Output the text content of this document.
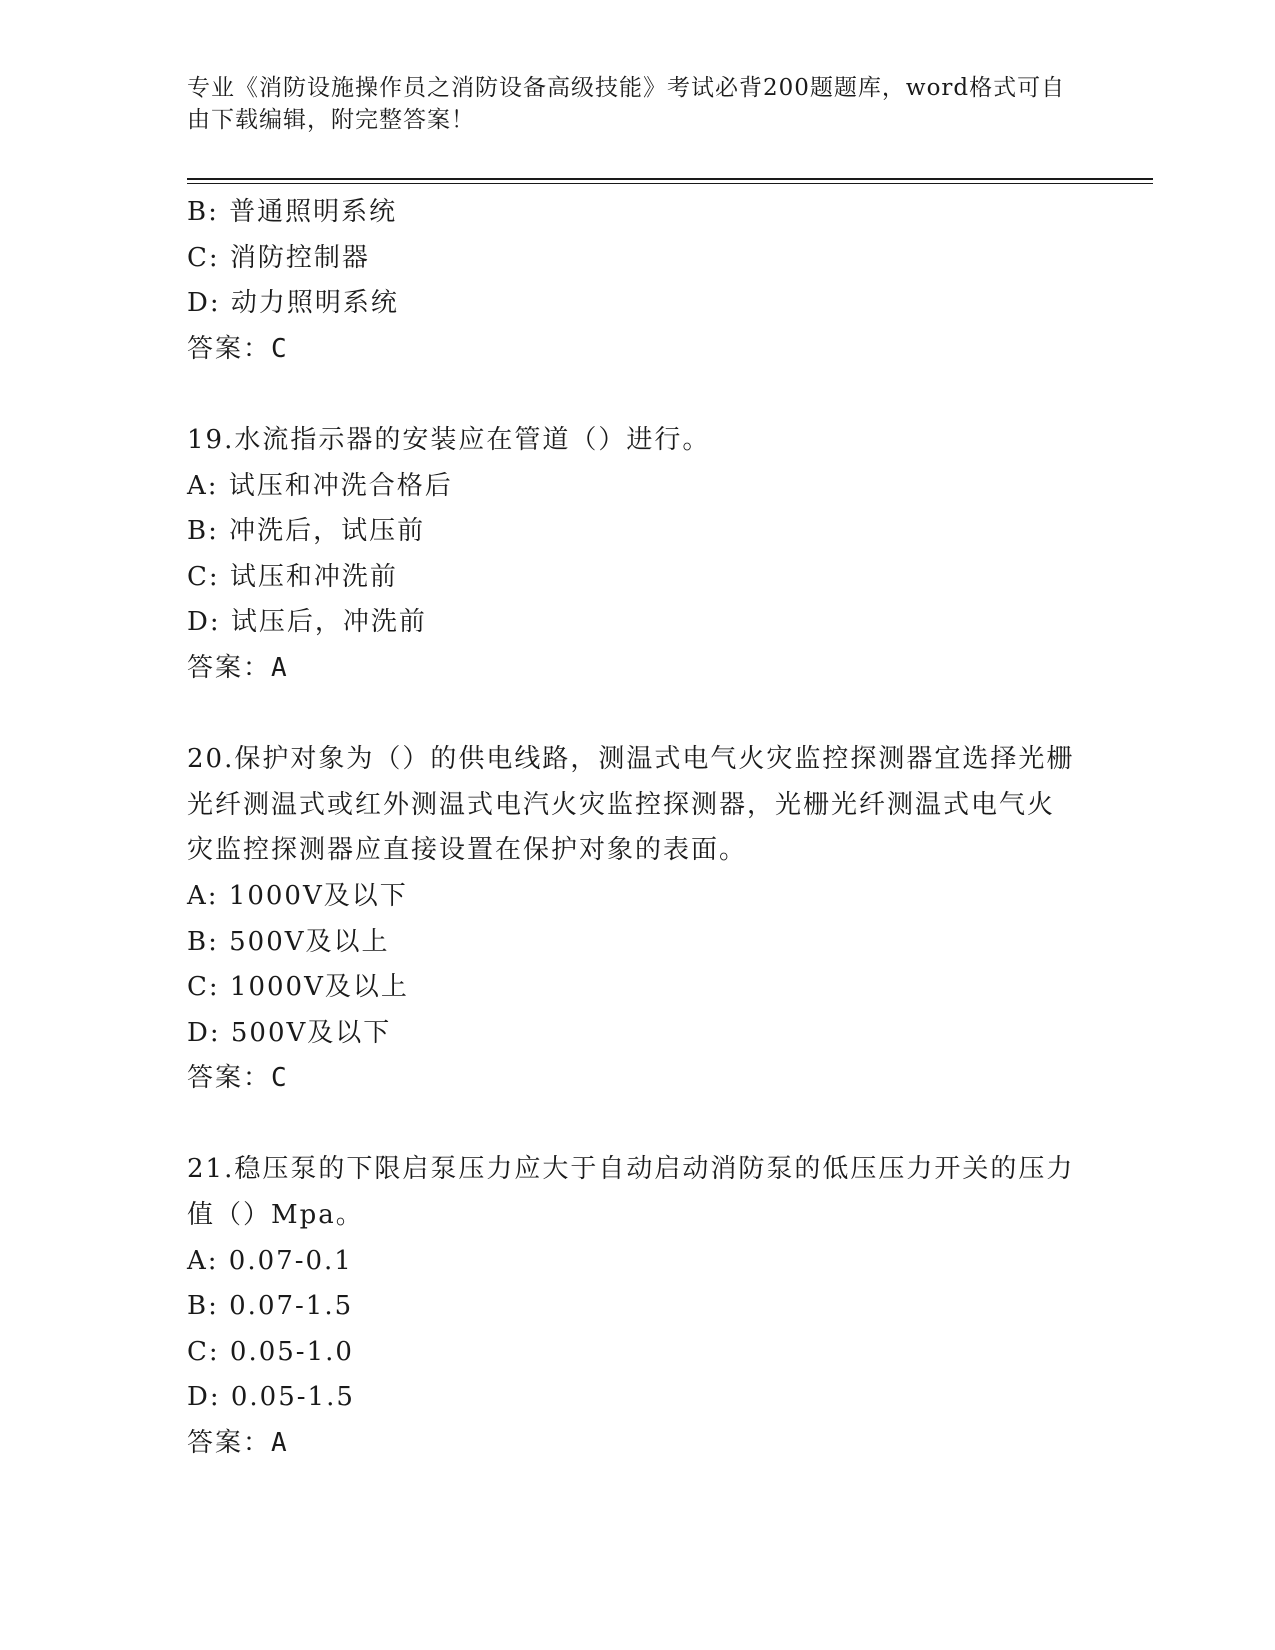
专业《消防设施操作员之消防设备高级技能》考试必背200题题库，word格式可自由下载编辑，附完整答案！
B: 普通照明系统
C: 消防控制器
D: 动力照明系统
答案：C
19.水流指示器的安装应在管道（）进行。
A: 试压和冲洗合格后
B: 冲洗后，试压前
C: 试压和冲洗前
D: 试压后，冲洗前
答案：A
20.保护对象为（）的供电线路，测温式电气火灾监控探测器宜选择光栅光纤测温式或红外测温式电汽火灾监控探测器，光栅光纤测温式电气火灾监控探测器应直接设置在保护对象的表面。
A: 1000V及以下
B: 500V及以上
C: 1000V及以上
D: 500V及以下
答案：C
21.稳压泵的下限启泵压力应大于自动启动消防泵的低压压力开关的压力值（）Mpa。
A: 0.07-0.1
B: 0.07-1.5
C: 0.05-1.0
D: 0.05-1.5
答案：A
